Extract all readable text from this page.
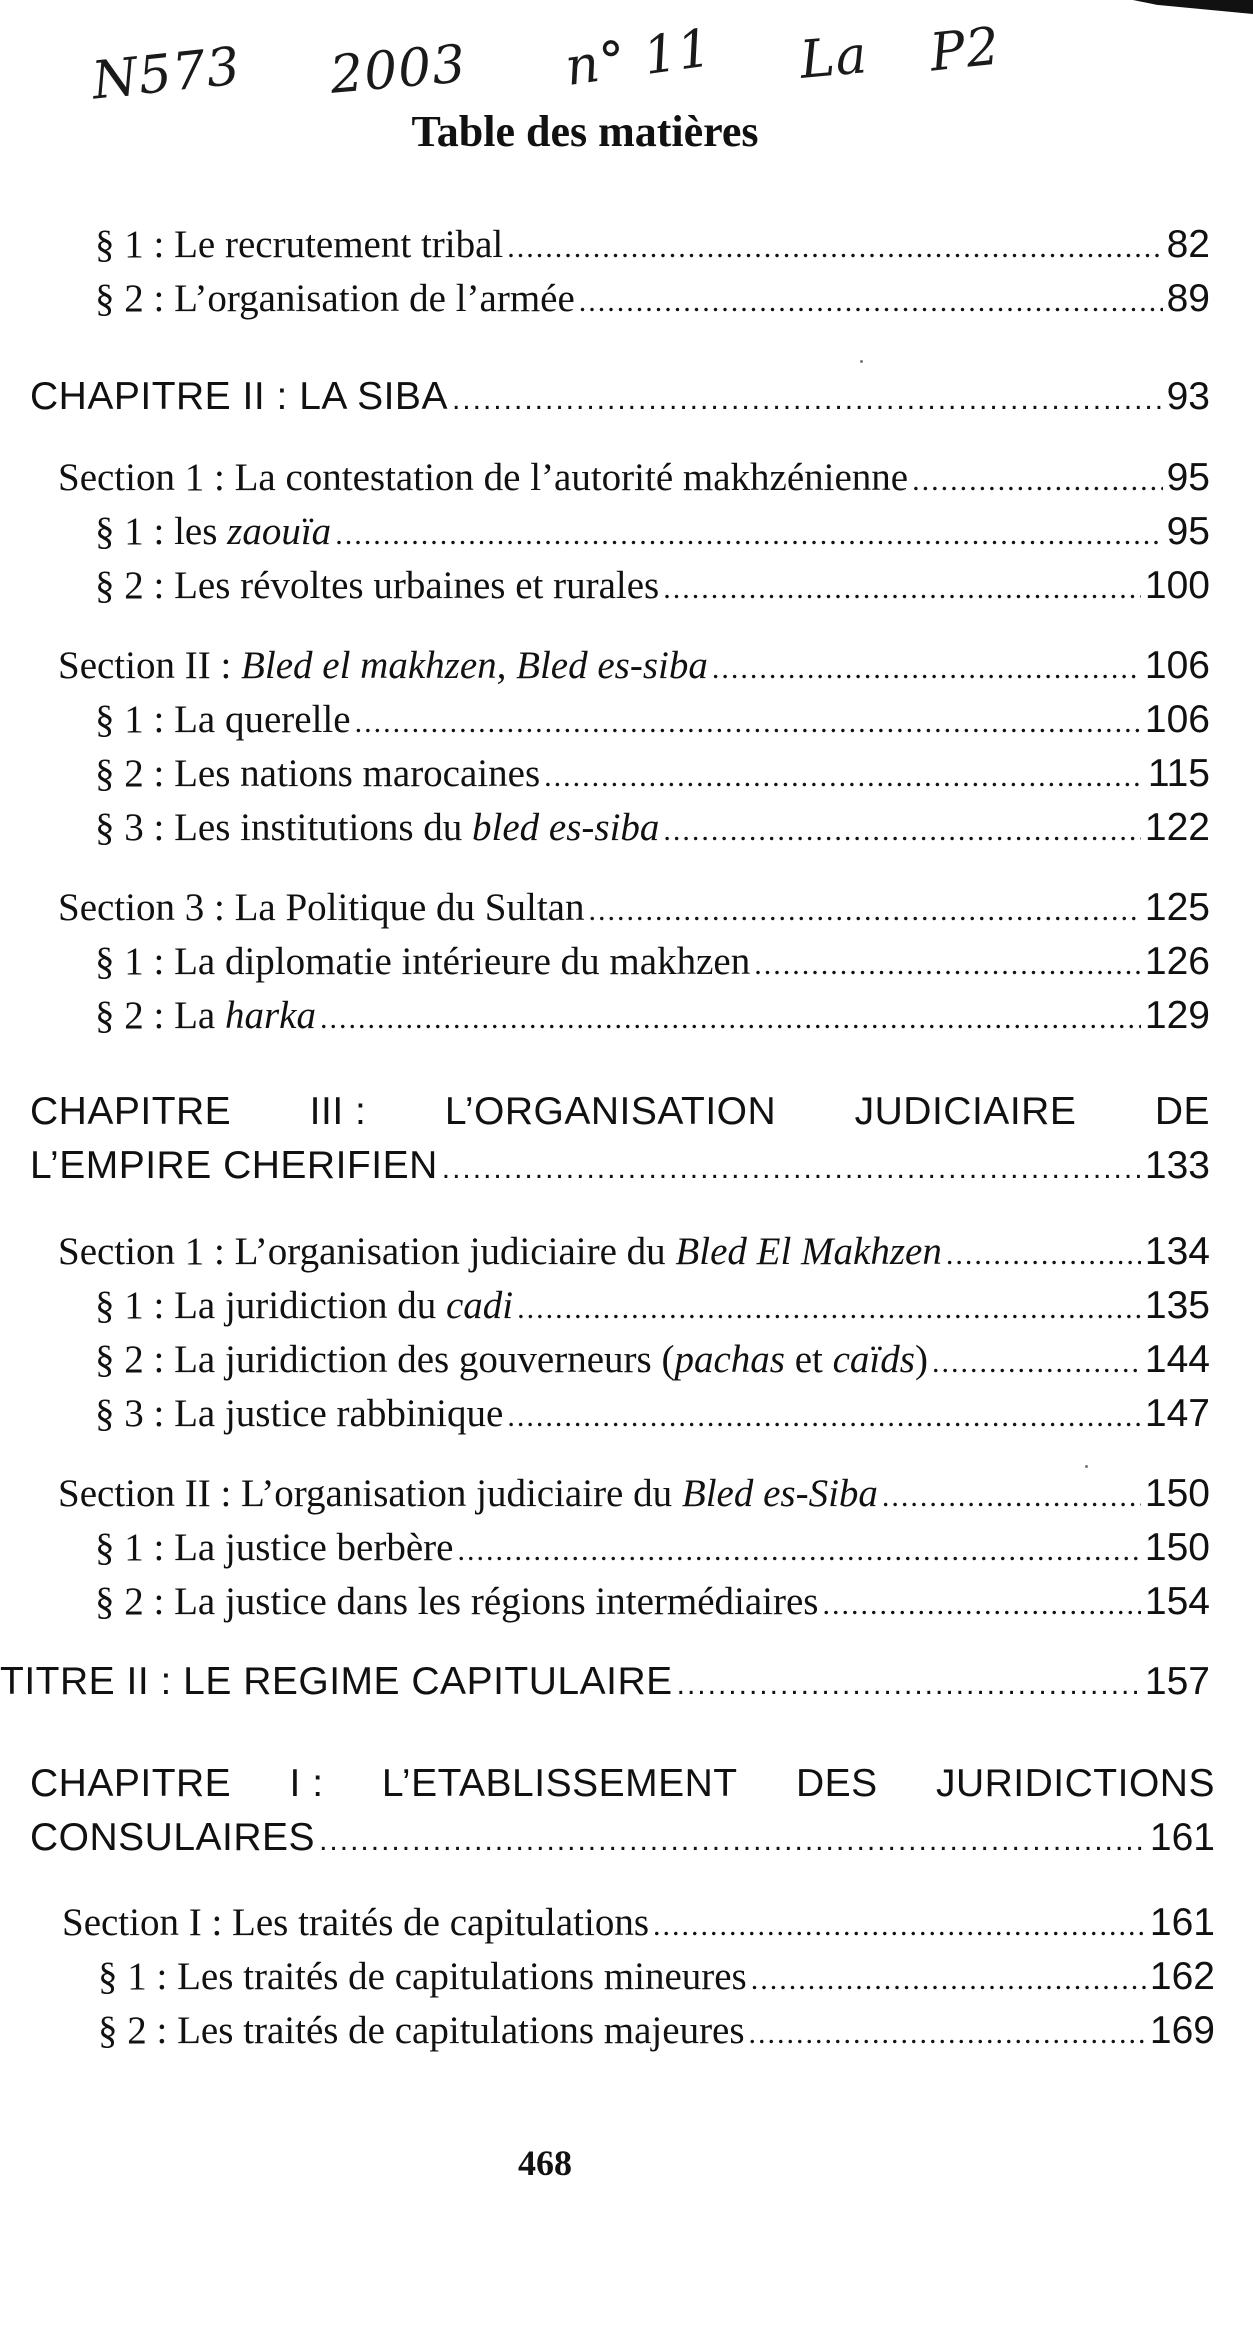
N573 2003 n° 11 La P2
Table des matières
§ 1 : Le recrutement tribal .....	82
§ 2 : L’organisation de l’armée .....	89
CHAPITRE II : LA SIBA .....	93
Section 1 : La contestation de l’autorité makhzénienne .....	95
§ 1 : les zaouïa .....	95
§ 2 : Les révoltes urbaines et rurales .....	100
Section II : Bled el makhzen, Bled es-siba .....	106
§ 1 : La querelle .....	106
§ 2 : Les nations marocaines .....	115
§ 3 : Les institutions du bled es-siba .....	122
Section 3 : La Politique du Sultan .....	125
§ 1 : La diplomatie intérieure du makhzen .....	126
§ 2 : La harka .....	129
CHAPITRE III : L’ORGANISATION JUDICIAIRE DE
L’EMPIRE CHERIFIEN .....	133
Section 1 : L’organisation judiciaire du Bled El Makhzen .....	134
§ 1 : La juridiction du cadi .....	135
§ 2 : La juridiction des gouverneurs (pachas et caïds) .....	144
§ 3 : La justice rabbinique .....	147
Section II : L’organisation judiciaire du Bled es-Siba .....	150
§ 1 : La justice berbère .....	150
§ 2 : La justice dans les régions intermédiaires .....	154
TITRE II : LE REGIME CAPITULAIRE .....	157
CHAPITRE I : L’ETABLISSEMENT DES JURIDICTIONS
CONSULAIRES .....	161
Section I : Les traités de capitulations .....	161
§ 1 : Les traités de capitulations mineures .....	162
§ 2 : Les traités de capitulations majeures .....	169
468
